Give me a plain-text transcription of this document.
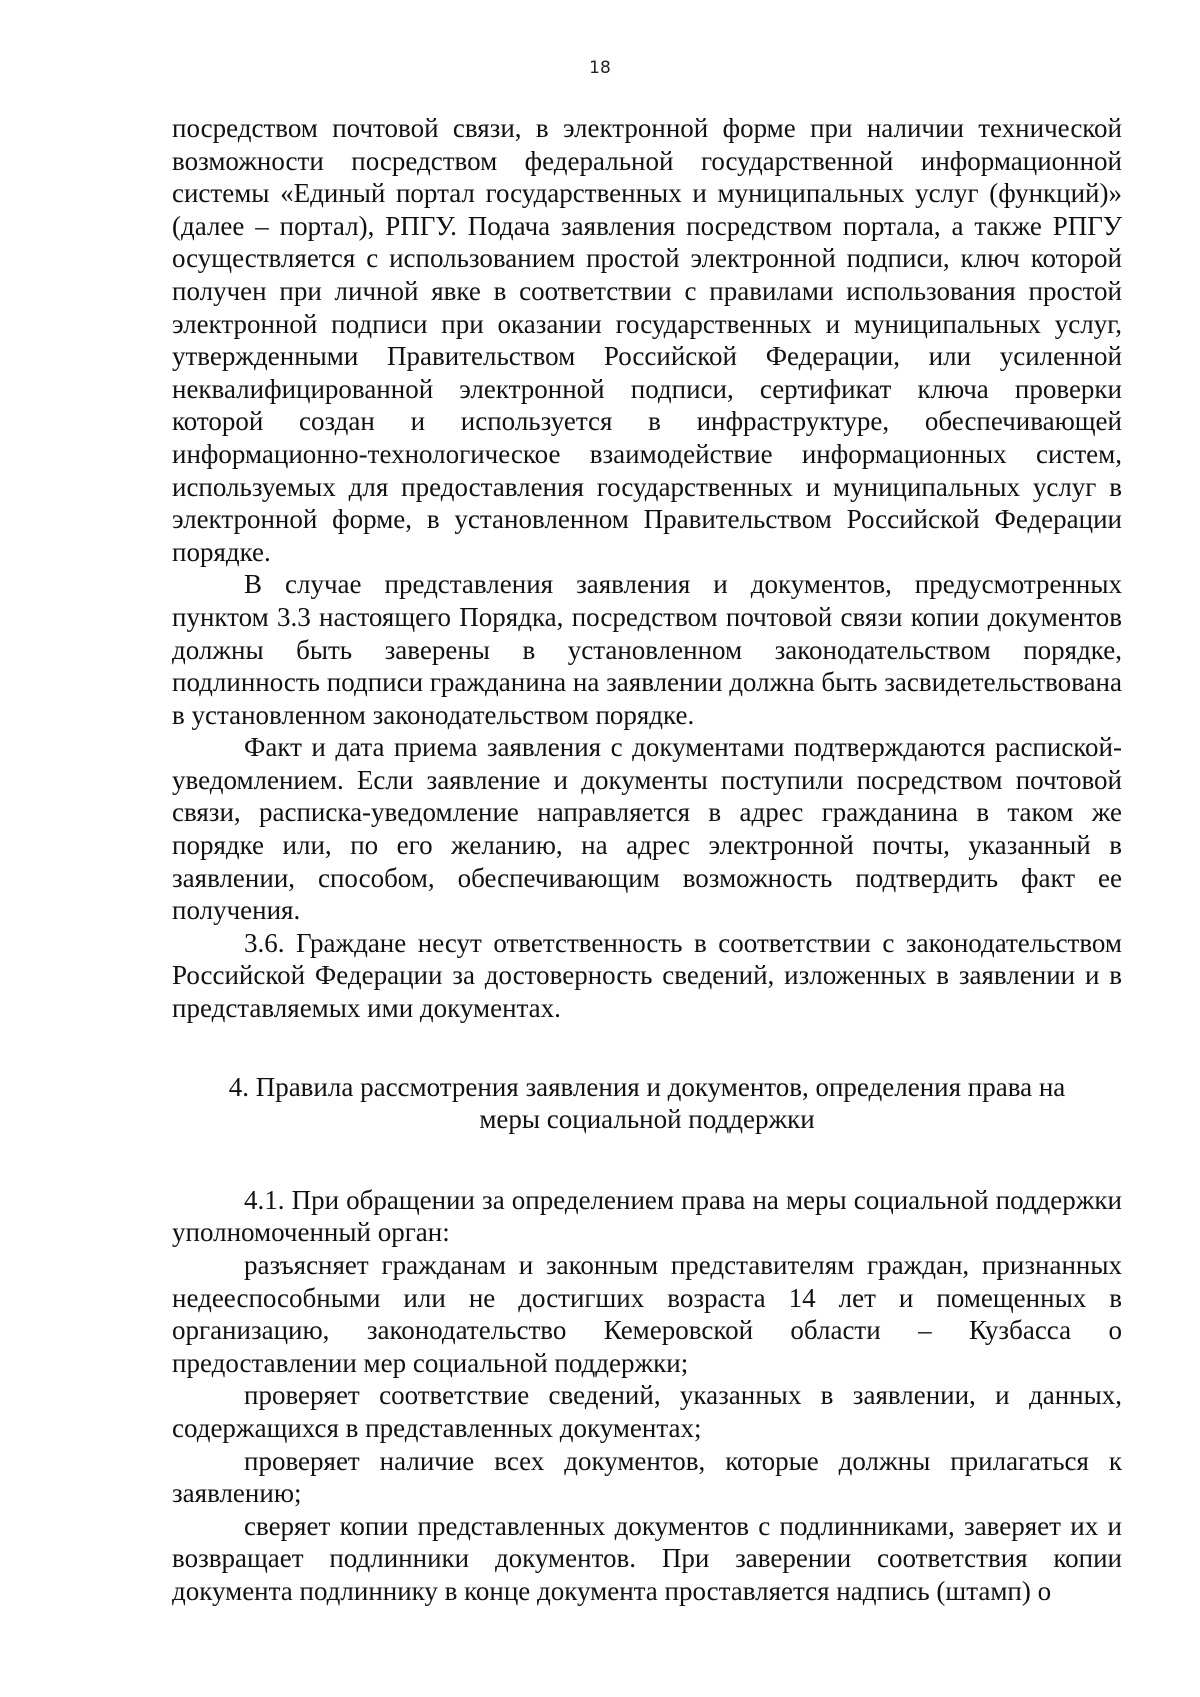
18

посредством почтовой связи, в электронной форме при наличии технической возможности посредством федеральной государственной информационной системы «Единый портал государственных и муниципальных услуг (функций)» (далее – портал), РПГУ. Подача заявления посредством портала, а также РПГУ осуществляется с использованием простой электронной подписи, ключ которой получен при личной явке в соответствии с правилами использования простой электронной подписи при оказании государственных и муниципальных услуг, утвержденными Правительством Российской Федерации, или усиленной неквалифицированной электронной подписи, сертификат ключа проверки которой создан и используется в инфраструктуре, обеспечивающей информационно-технологическое взаимодействие информационных систем, используемых для предоставления государственных и муниципальных услуг в электронной форме, в установленном Правительством Российской Федерации порядке.

В случае представления заявления и документов, предусмотренных пунктом 3.3 настоящего Порядка, посредством почтовой связи копии документов должны быть заверены в установленном законодательством порядке, подлинность подписи гражданина на заявлении должна быть засвидетельствована в установленном законодательством порядке.

Факт и дата приема заявления с документами подтверждаются распиской-уведомлением. Если заявление и документы поступили посредством почтовой связи, расписка-уведомление направляется в адрес гражданина в таком же порядке или, по его желанию, на адрес электронной почты, указанный в заявлении, способом, обеспечивающим возможность подтвердить факт ее получения.

3.6. Граждане несут ответственность в соответствии с законодательством Российской Федерации за достоверность сведений, изложенных в заявлении и в представляемых ими документах.

4. Правила рассмотрения заявления и документов, определения права на
меры социальной поддержки

4.1. При обращении за определением права на меры социальной поддержки уполномоченный орган:

разъясняет гражданам и законным представителям граждан, признанных недееспособными или не достигших возраста 14 лет и помещенных в организацию, законодательство Кемеровской области – Кузбасса о предоставлении мер социальной поддержки;

проверяет соответствие сведений, указанных в заявлении, и данных, содержащихся в представленных документах;

проверяет наличие всех документов, которые должны прилагаться к заявлению;

сверяет копии представленных документов с подлинниками, заверяет их и возвращает подлинники документов. При заверении соответствия копии документа подлиннику в конце документа проставляется надпись (штамп) о
